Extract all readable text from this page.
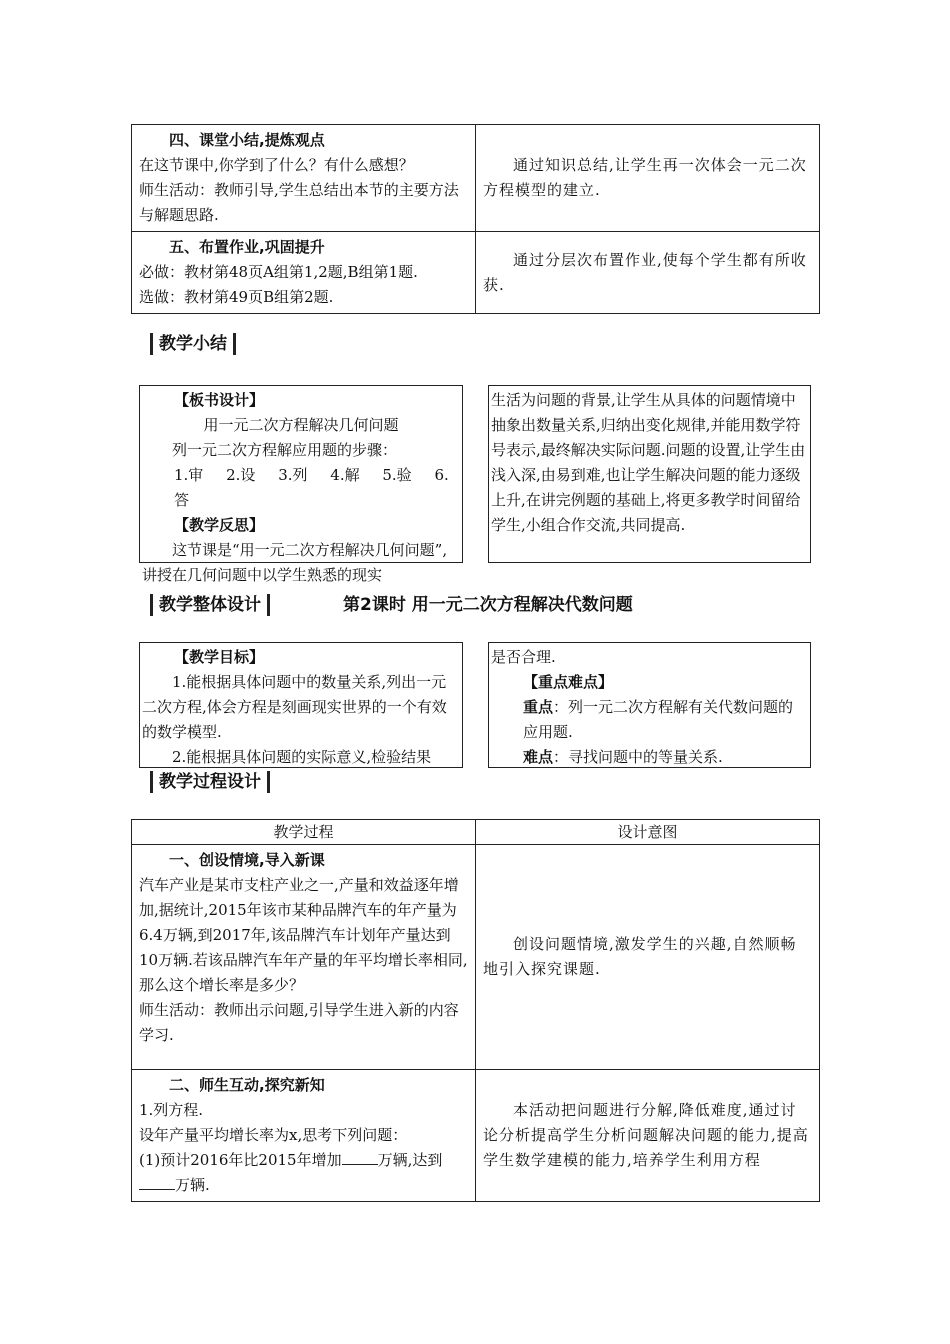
四、课堂小结,提炼观点
在这节课中,你学到了什么？有什么感想？
师生活动：教师引导,学生总结出本节的主要方法与解题思路.	通过知识总结,让学生再一次体会一元二次方程模型的建立.

五、布置作业,巩固提升
必做：教材第48页A组第1,2题,B组第1题.
选做：教材第49页B组第2题.	通过分层次布置作业,使每个学生都有所收获.
教学小结
【板书设计】
用一元二次方程解决几何问题
列一元二次方程解应用题的步骤：
1.审 2.设 3.列 4.解 5.验 6.答
【教学反思】
这节课是“用一元二次方程解决几何问题”,讲授在几何问题中以学生熟悉的现实
生活为问题的背景,让学生从具体的问题情境中抽象出数量关系,归纳出变化规律,并能用数学符号表示,最终解决实际问题.问题的设置,让学生由浅入深,由易到难,也让学生解决问题的能力逐级上升,在讲完例题的基础上,将更多教学时间留给学生,小组合作交流,共同提高.
教学整体设计	第2课时 用一元二次方程解决代数问题
【教学目标】
1.能根据具体问题中的数量关系,列出一元二次方程,体会方程是刻画现实世界的一个有效的数学模型.
2.能根据具体问题的实际意义,检验结果
是否合理.
【重点难点】
重点：列一元二次方程解有关代数问题的应用题.
难点：寻找问题中的等量关系.
教学过程设计
教学过程	设计意图

一、创设情境,导入新课
汽车产业是某市支柱产业之一,产量和效益逐年增加,据统计,2015年该市某种品牌汽车的年产量为6.4万辆,到2017年,该品牌汽车计划年产量达到10万辆.若该品牌汽车年产量的年平均增长率相同,那么这个增长率是多少？
师生活动：教师出示问题,引导学生进入新的内容学习.	创设问题情境,激发学生的兴趣,自然顺畅地引入探究课题.

二、师生互动,探究新知
1.列方程.
设年产量平均增长率为x,思考下列问题：
(1)预计2016年比2015年增加 万辆,达到
万辆.	本活动把问题进行分解,降低难度,通过讨论分析提高学生分析问题解决问题的能力,提高学生数学建模的能力,培养学生利用方程
